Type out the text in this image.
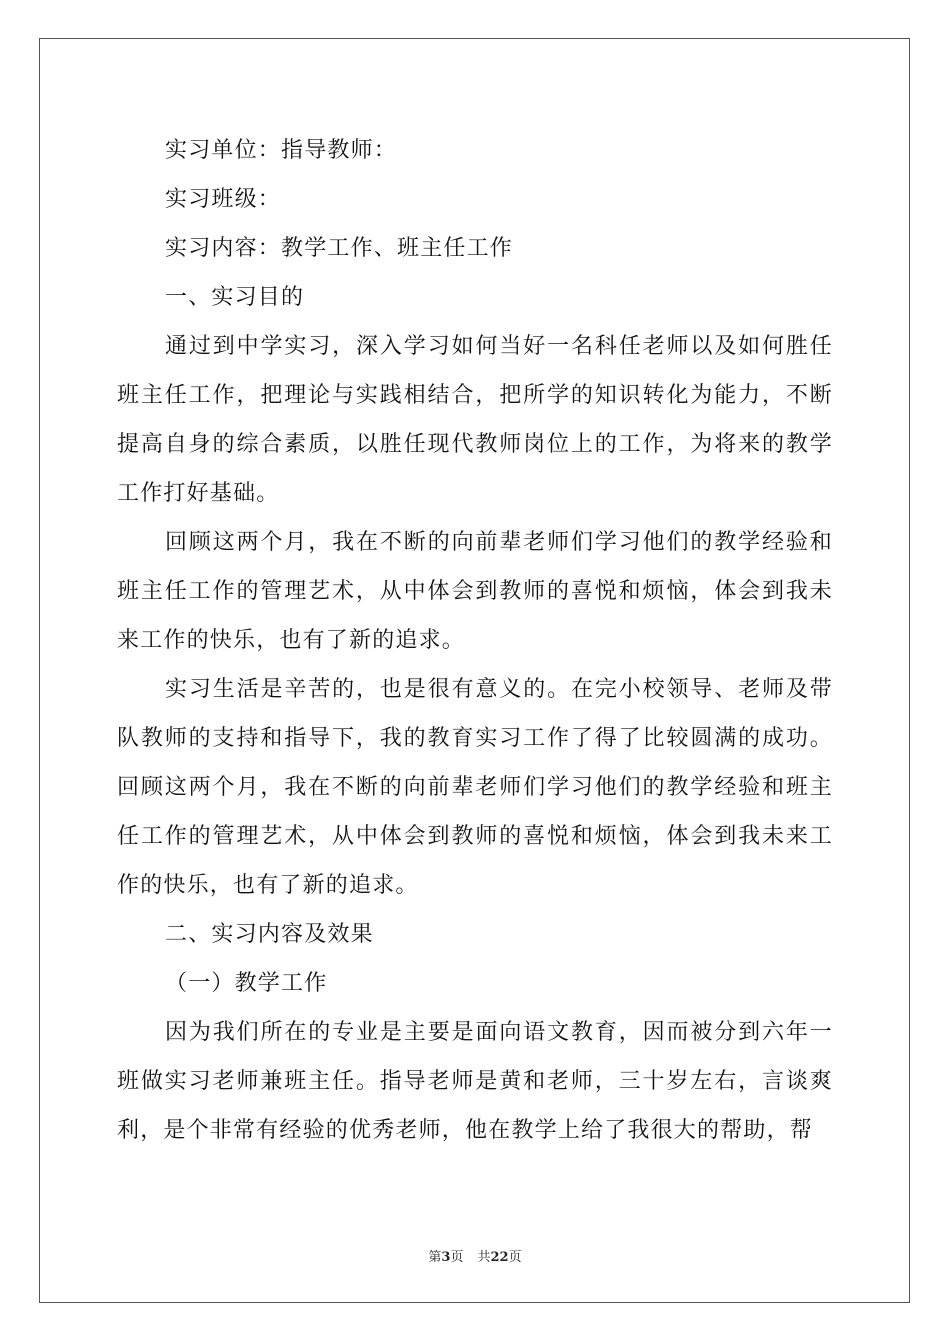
实习单位：指导教师：

实习班级：

实习内容：教学工作、班主任工作

一、实习目的

通过到中学实习，深入学习如何当好一名科任老师以及如何胜任班主任工作，把理论与实践相结合，把所学的知识转化为能力，不断提高自身的综合素质，以胜任现代教师岗位上的工作，为将来的教学工作打好基础。

回顾这两个月，我在不断的向前辈老师们学习他们的教学经验和班主任工作的管理艺术，从中体会到教师的喜悦和烦恼，体会到我未来工作的快乐，也有了新的追求。

实习生活是辛苦的，也是很有意义的。在完小校领导、老师及带队教师的支持和指导下，我的教育实习工作了得了比较圆满的成功。回顾这两个月，我在不断的向前辈老师们学习他们的教学经验和班主任工作的管理艺术，从中体会到教师的喜悦和烦恼，体会到我未来工作的快乐，也有了新的追求。

二、实习内容及效果

（一）教学工作

因为我们所在的专业是主要是面向语文教育，因而被分到六年一班做实习老师兼班主任。指导老师是黄和老师，三十岁左右，言谈爽利，是个非常有经验的优秀老师，他在教学上给了我很大的帮助，帮

第3页 共22页
